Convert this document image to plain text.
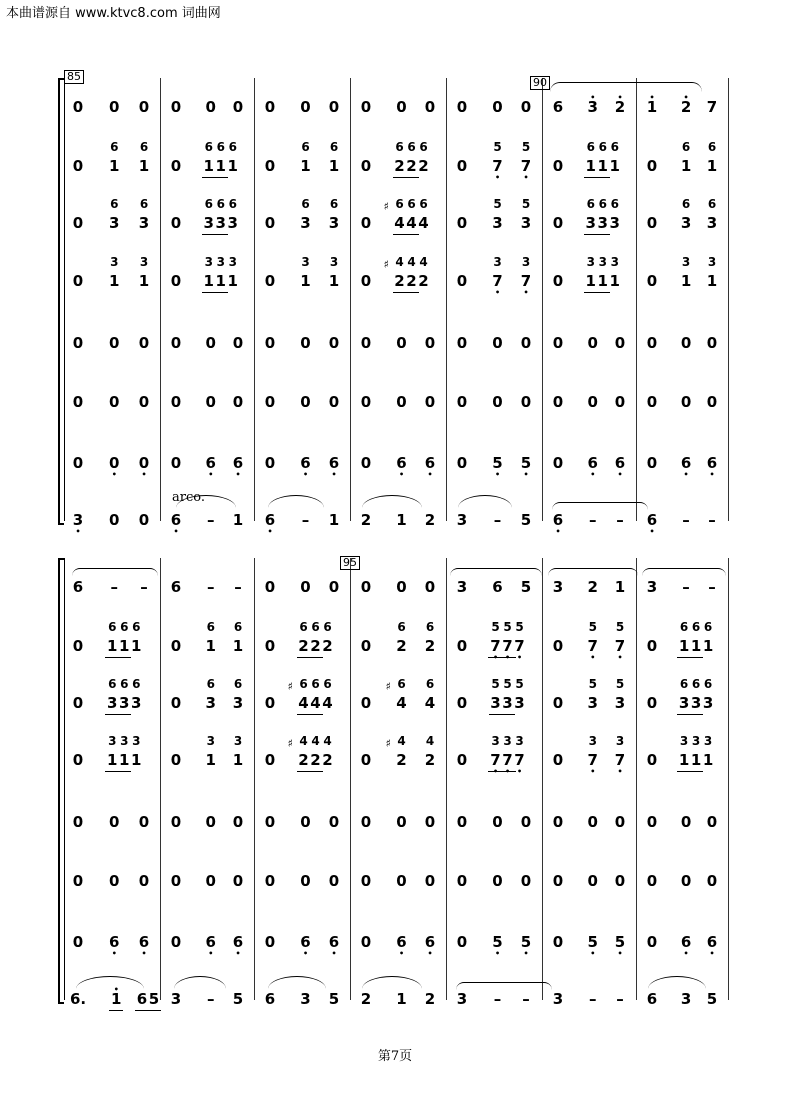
本曲谱源自 www.ktvc8.com 词曲网
85	90
0 0 0 0 0 0 0 0 0 0 0 0 0 0 0 6 • 3 • 2 • 1 • 2 7
0
6
1
6
1 0
6
1
6
1
6
1 0
6
1
6
1 0
6
2
6
2
6
2 0
5
7 •
5
7 • 0
6
1
6
1
6
1 0
6
1
6
1
0
6
3
6
3 0
6
3
6
3
6
3 0
6
3
6
3 0
6
4
6
4
6
4
♯
0
5
3
5
3 0
6
3
6
3
6
3 0
6
3
6
3
0
3
1
3
1 0
3
1
3
1
3
1 0
3
1
3
1 0
4
2
4
2
4
2
♯
0
3
7 •
3
7 • 0
3
1
3
1
3
1 0
3
1
3
1
0 0 0 0 0 0 0 0 0 0 0 0 0 0 0 0 0 0 0 0 0
0 0 0 0 0 0 0 0 0 0 0 0 0 0 0 0 0 0 0 0 0
0 0 • 0 • 0 6 • 6 • 0 6 • 6 • 0 6 • 6 • 0 5 • 5 • 0 6 • 6 • 0 6 • 6 •
3 • 0 0 6 • – 1 6 • – 1 2 1 2 3 – 5 6 • – – 6 • – –
arco.
95
6 – – 6 – – 0 0 0 0 0 0 3 6 5 3 2 1 3 – –
0
6
1
6
1
6
1 0
6
1
6
1 0
6
2
6
2
6
2 0
6
2
6
2 0
5
7 •
5
7 •
5
7 • 0
5
7 •
5
7 • 0
6
1
6
1
6
1
0
6
3
6
3
6
3 0
6
3
6
3 0
6
4
6
4
6
4
♯
0
6
4
6
4
♯
0
5
3
5
3
5
3 0
5
3
5
3 0
6
3
6
3
6
3
0
3
1
3
1
3
1 0
3
1
3
1 0
4
2
4
2
4
2
♯
0
4
2
4
2
♯
0
3
7 •
3
7 •
3
7 • 0
3
7 •
3
7 • 0
3
1
3
1
3
1
0 0 0 0 0 0 0 0 0 0 0 0 0 0 0 0 0 0 0 0 0
0 0 0 0 0 0 0 0 0 0 0 0 0 0 0 0 0 0 0 0 0
0 6 • 6 • 0 6 • 6 • 0 6 • 6 • 0 6 • 6 • 0 5 • 5 • 0 5 • 5 • 0 6 • 6 •
6. • 1 6 5 3 – 5 6 3 5 2 1 2 3 – – 3 – – 6 3 5
第7页
